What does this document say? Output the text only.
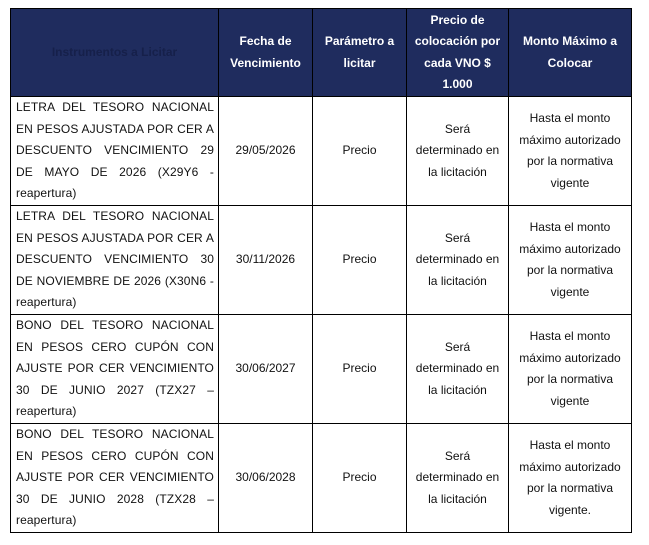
Instrumentos a Licitar	Fecha de Vencimiento	Parámetro a licitar	Precio de colocación por cada VNO $ 1.000	Monto Máximo a Colocar
LETRA DEL TESORO NACIONAL EN PESOS AJUSTADA POR CER A DESCUENTO VENCIMIENTO 29 DE MAYO DE 2026 (X29Y6 - reapertura)	29/05/2026	Precio	Será determinado en la licitación	Hasta el monto máximo autorizado por la normativa vigente
LETRA DEL TESORO NACIONAL EN PESOS AJUSTADA POR CER A DESCUENTO VENCIMIENTO 30 DE NOVIEMBRE DE 2026 (X30N6 - reapertura)	30/11/2026	Precio	Será determinado en la licitación	Hasta el monto máximo autorizado por la normativa vigente
BONO DEL TESORO NACIONAL EN PESOS CERO CUPÓN CON AJUSTE POR CER VENCIMIENTO 30 DE JUNIO 2027 (TZX27 – reapertura)	30/06/2027	Precio	Será determinado en la licitación	Hasta el monto máximo autorizado por la normativa vigente
BONO DEL TESORO NACIONAL EN PESOS CERO CUPÓN CON AJUSTE POR CER VENCIMIENTO 30 DE JUNIO 2028 (TZX28 – reapertura)	30/06/2028	Precio	Será determinado en la licitación	Hasta el monto máximo autorizado por la normativa vigente.
